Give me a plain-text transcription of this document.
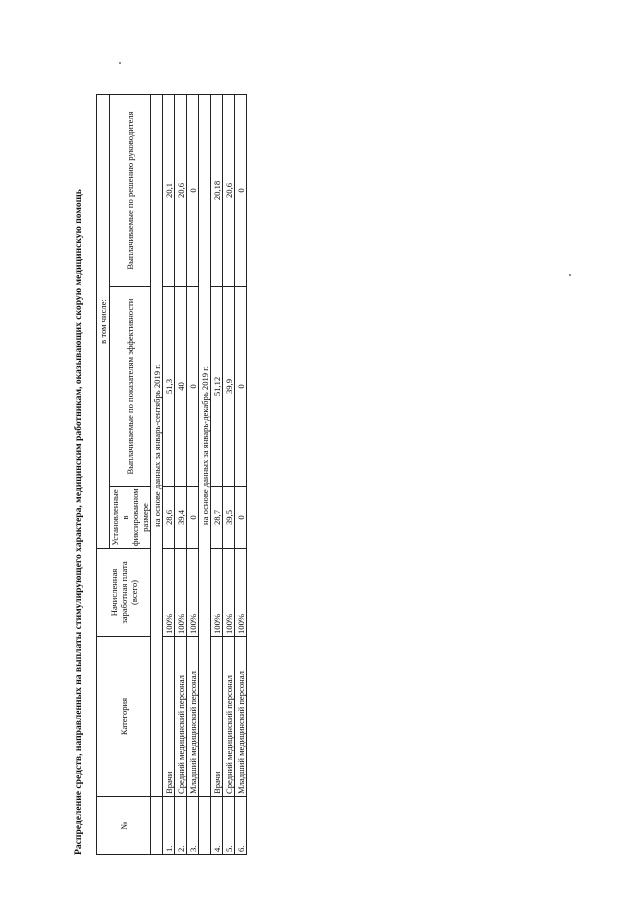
Распределение средств, направленных на выплаты стимулирующего характера, медицинским работникам, оказывающих скорую медицинскую помощь	№	Категория	Начисленная заработная плата (всего)	в том числе:		
			Установленные в фиксированном размере	Выплачиваемые по показателям эффективности	Выплачиваемые по решению руководителя
	на основе данных за январь-сентябрь 2019 г.				
1.	Врачи	100%	28,6	51,3	20,1
2.	Средний медицинский персонал	100%	39,4	40	20,6
3.	Младший медицинский персонал	100%	0	0	0
	на основе данных за январь-декабрь 2019 г.				
4.	Врачи	100%	28,7	51,12	20,18
5.	Средний медицинский персонал	100%	39,5	39,9	20,6
6.	Младший медицинский персонал	100%	0	0	0
